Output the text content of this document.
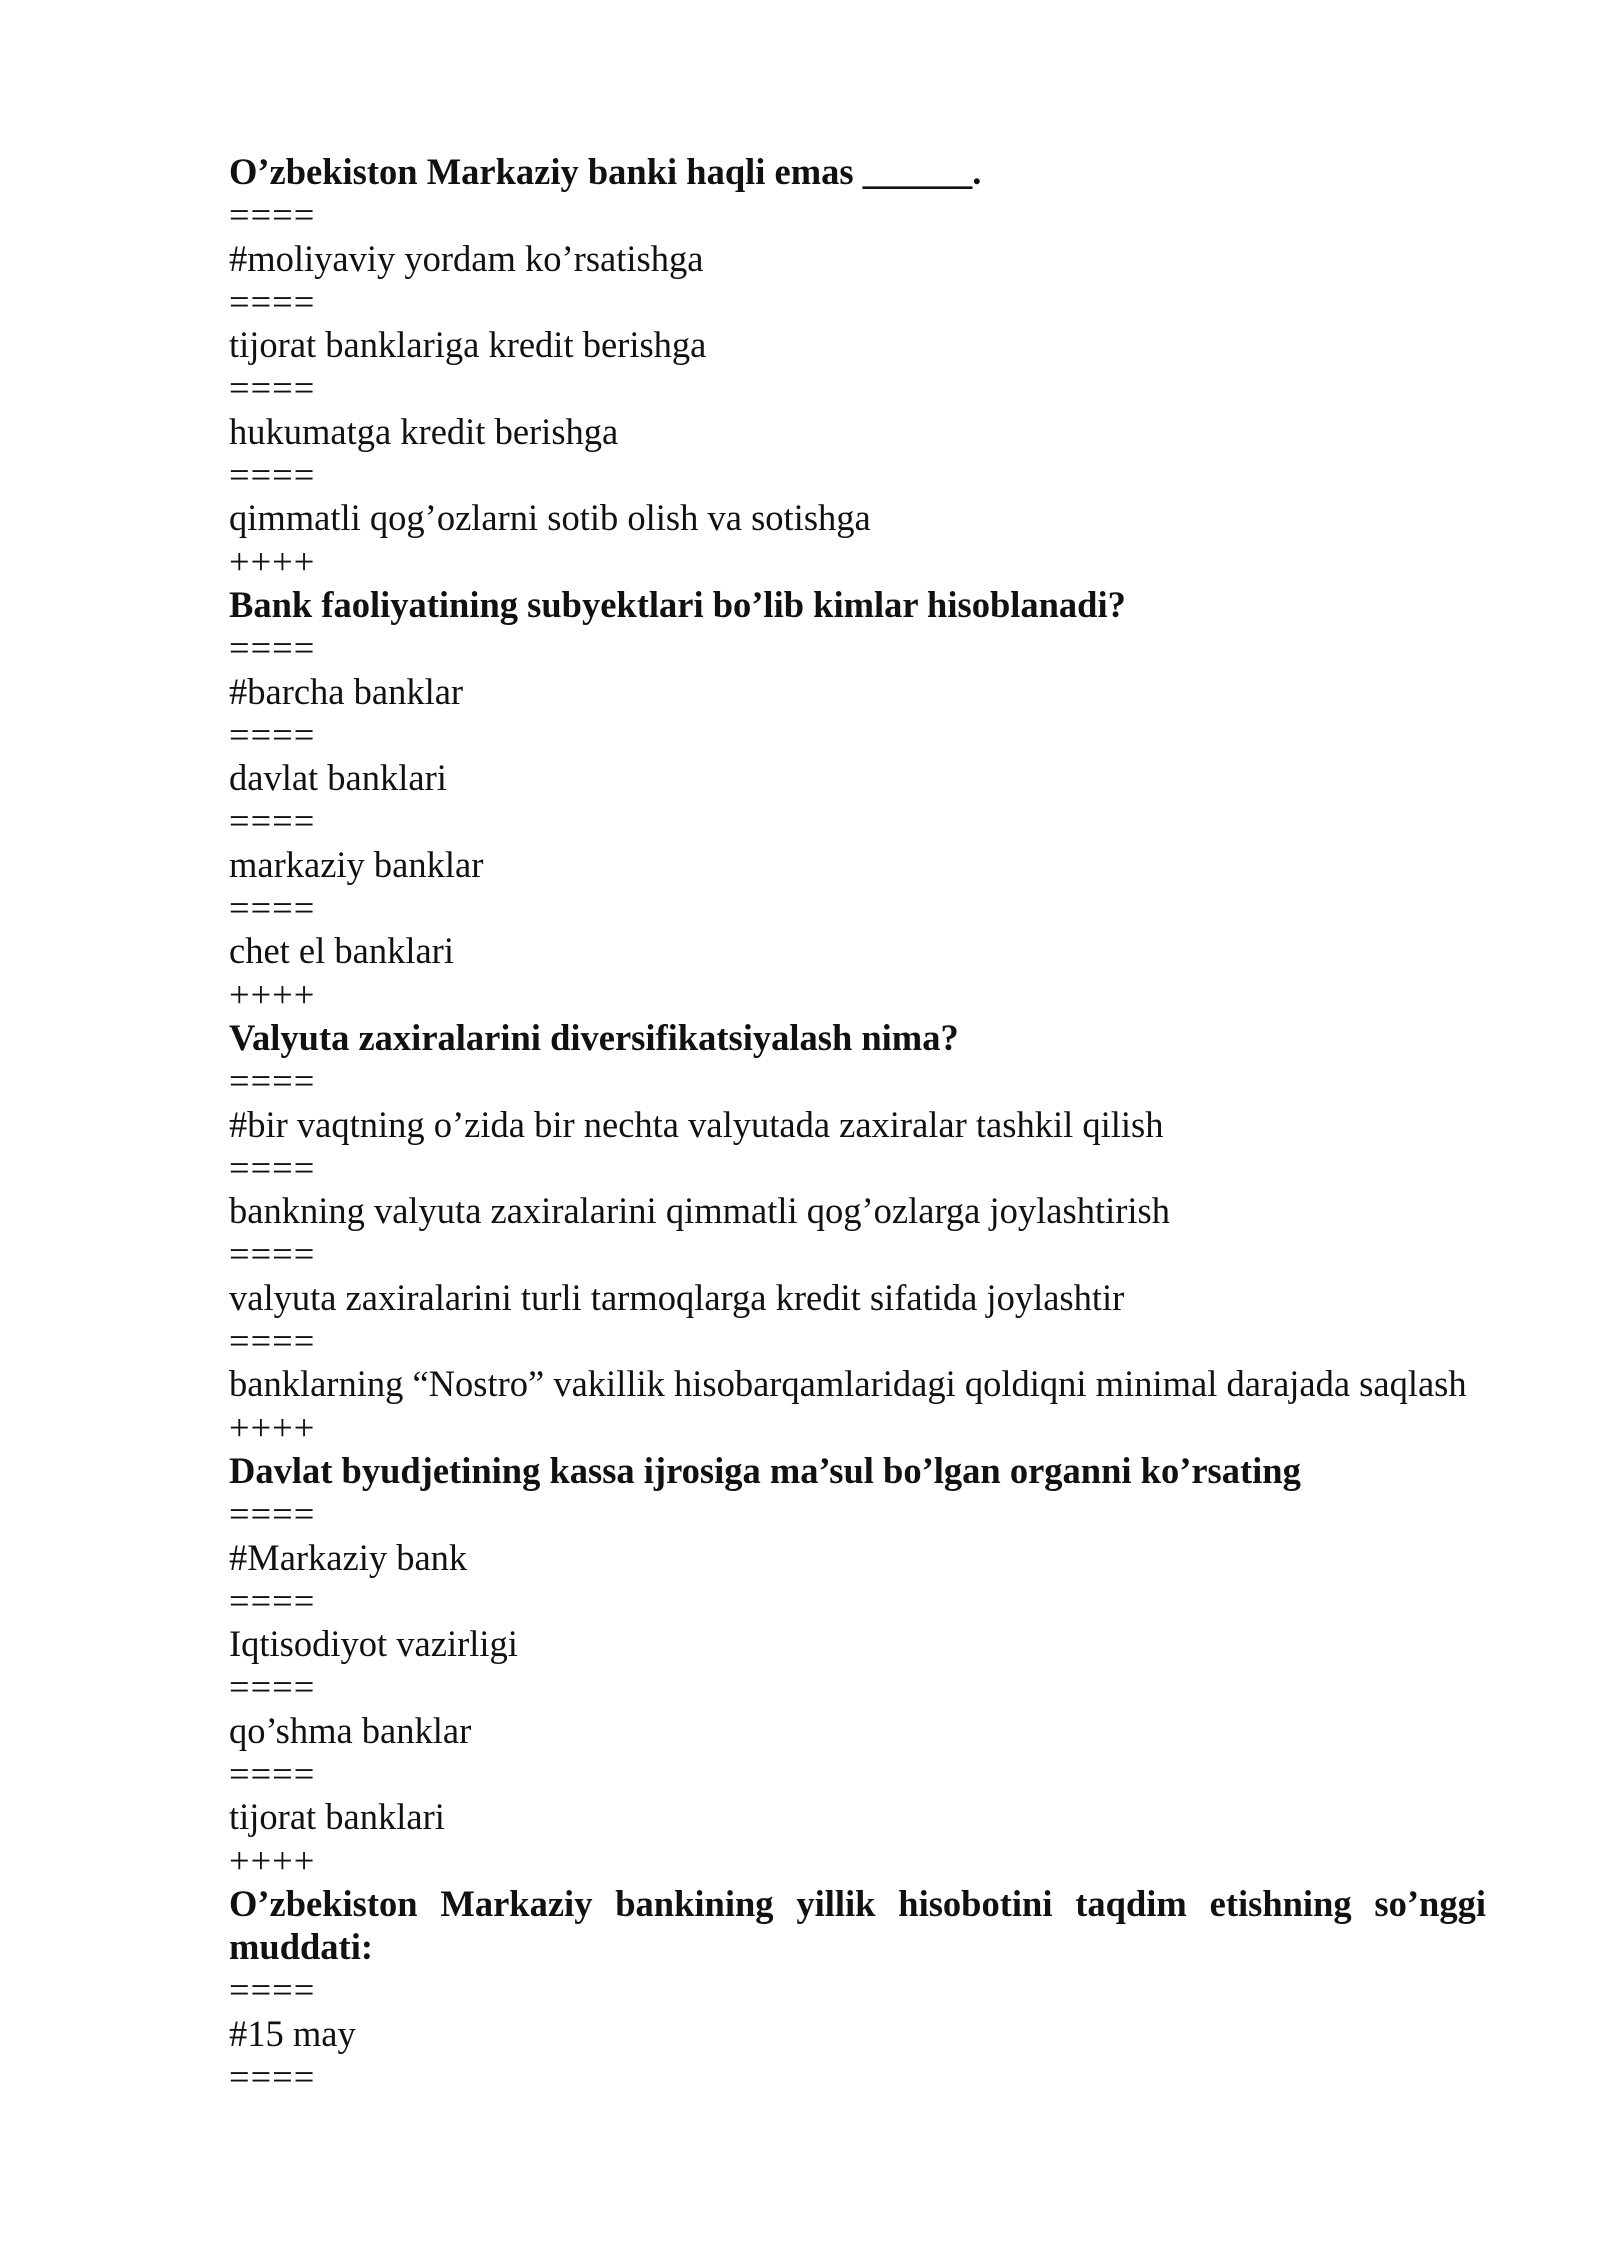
O’zbekiston Markaziy banki haqli emas ______.

====

#moliyaviy yordam ko’rsatishga

====

tijorat banklariga kredit berishga

====

hukumatga kredit berishga

====

qimmatli qog’ozlarni sotib olish va sotishga

++++

Bank faoliyatining subyektlari bo’lib kimlar hisoblanadi?

====

#barcha banklar

====

davlat banklari

====

markaziy banklar

====

chet el banklari

++++

Valyuta zaxiralarini diversifikatsiyalash nima?

====

#bir vaqtning o’zida bir nechta valyutada zaxiralar tashkil qilish

====

bankning valyuta zaxiralarini qimmatli qog’ozlarga joylashtirish

====

valyuta zaxiralarini turli tarmoqlarga kredit sifatida joylashtir

====

banklarning “Nostro” vakillik hisobarqamlaridagi qoldiqni minimal darajada saqlash

++++

Davlat byudjetining kassa ijrosiga ma’sul bo’lgan organni ko’rsating

====

#Markaziy bank

====

Iqtisodiyot vazirligi

====

qo’shma banklar

====

tijorat banklari

++++

O’zbekiston Markaziy bankining yillik hisobotini taqdim etishning so’nggi muddati:

====

#15 may

====
